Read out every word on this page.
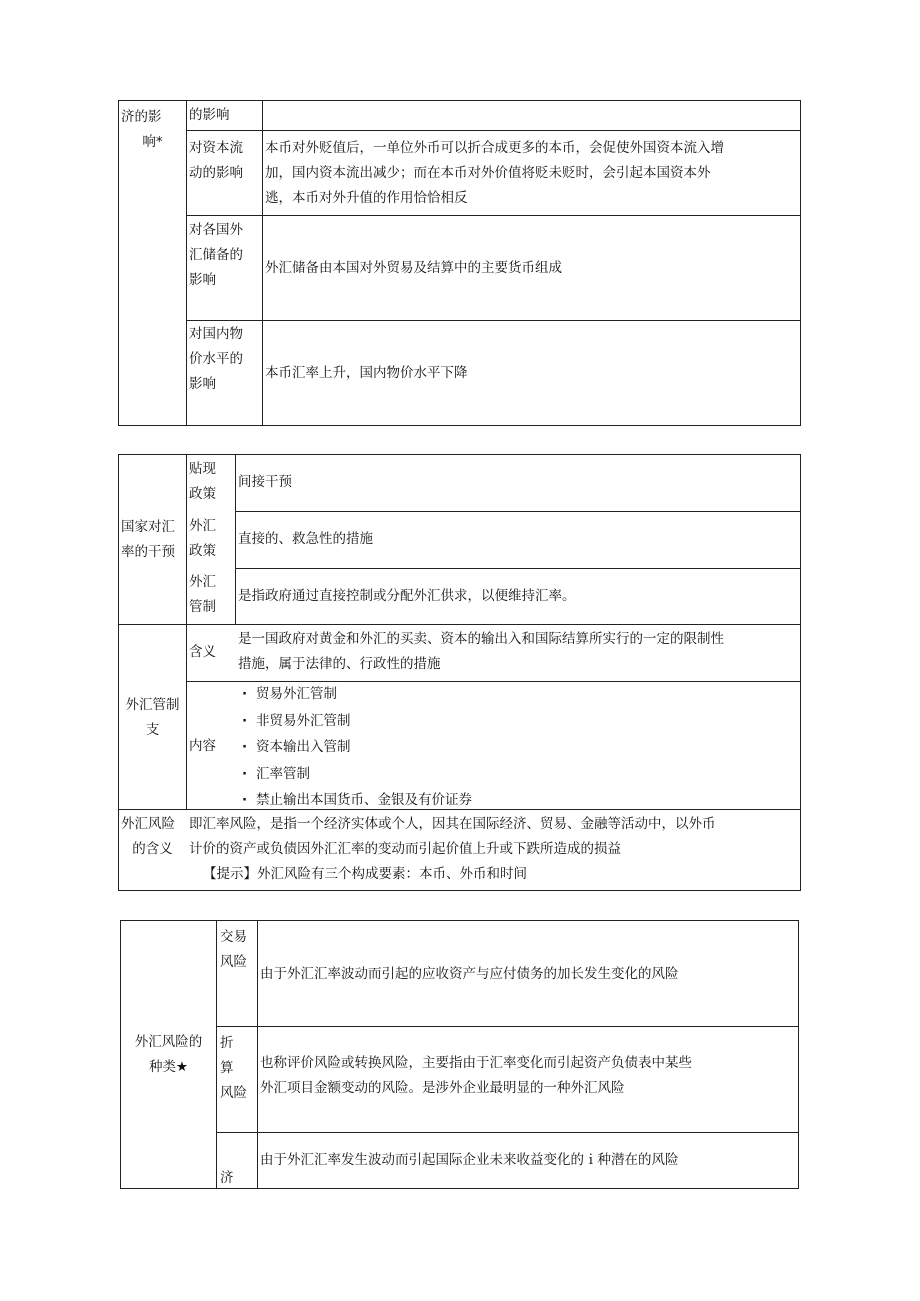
济的影
响*
的影响
对资本流
动的影响
本币对外贬值后，一单位外币可以折合成更多的本币，会促使外国资本流入增
加，国内资本流出减少；而在本币对外价值将贬未贬时，会引起本国资本外
逃，本币对外升值的作用恰恰相反
对各国外
汇储备的
影响
外汇储备由本国对外贸易及结算中的主要货币组成
对国内物
价水平的
影响
本币汇率上升，国内物价水平下降
国家对汇
率的干预
贴现
政策
间接干预
外汇
政策
直接的、救急性的措施
外汇
管制
是指政府通过直接控制或分配外汇供求，以便维持汇率。
外汇管制
支
含义
是一国政府对黄金和外汇的买卖、资本的输出入和国际结算所实行的一定的限制性
措施，属于法律的、行政性的措施
内容
· 贸易外汇管制
· 非贸易外汇管制
· 资本输出入管制
· 汇率管制
· 禁止输出本国货币、金银及有价证券
外汇风险
的含义
即汇率风险，是指一个经济实体或个人，因其在国际经济、贸易、金融等活动中，以外币
计价的资产或负债因外汇汇率的变动而引起价值上升或下跌所造成的损益
【提示】外汇风险有三个构成要素：本币、外币和时间
外汇风险的
种类★
交易
风险
由于外汇汇率波动而引起的应收资产与应付债务的加长发生变化的风险
折
算
风险
也称评价风险或转换风险，主要指由于汇率变化而引起资产负债表中某些
外汇项目金额变动的风险。是涉外企业最明显的一种外汇风险
济
由于外汇汇率发生波动而引起国际企业未来收益变化的ｉ种潜在的风险
